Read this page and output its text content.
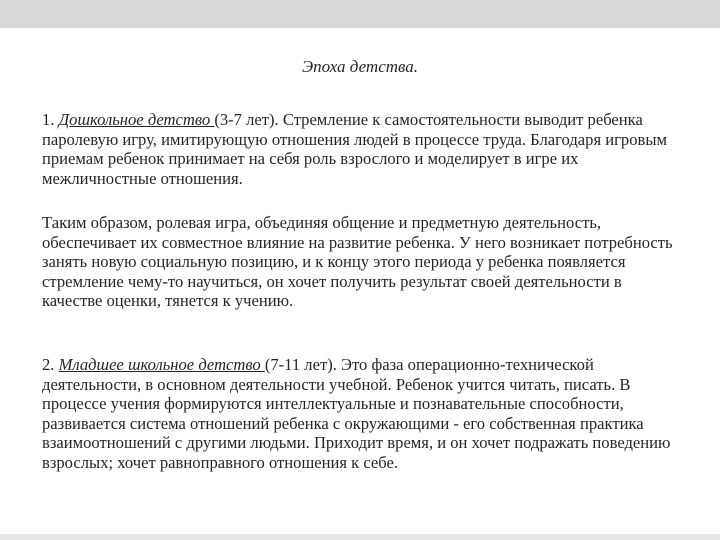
Эпоха детства.

1. Дошкольное детство (3-7 лет). Стремление к самостоятельности выводит ребенка паролевую игру, имитирующую отношения людей в процессе труда. Благодаря игровым приемам ребенок принимает на себя роль взрослого и моделирует в игре их межличностные отношения.

Таким образом, ролевая игра, объединяя общение и предметную деятельность, обеспечивает их совместное влияние на развитие ребенка. У него возникает потребность занять новую социальную позицию, и к концу этого периода у ребенка появляется стремление чему-то научиться, он хочет получить результат своей деятельности в качестве оценки, тянется к учению.

2. Младшее школьное детство (7-11 лет). Это фаза операционно-технической деятельности, в основном деятельности учебной. Ребенок учится читать, писать. В процессе учения формируются интеллектуальные и познавательные способности, развивается система отношений ребенка с окружающими - его собственная практика взаимоотношений с другими людьми. Приходит время, и он хочет подражать поведению взрослых; хочет равноправного отношения к себе.
